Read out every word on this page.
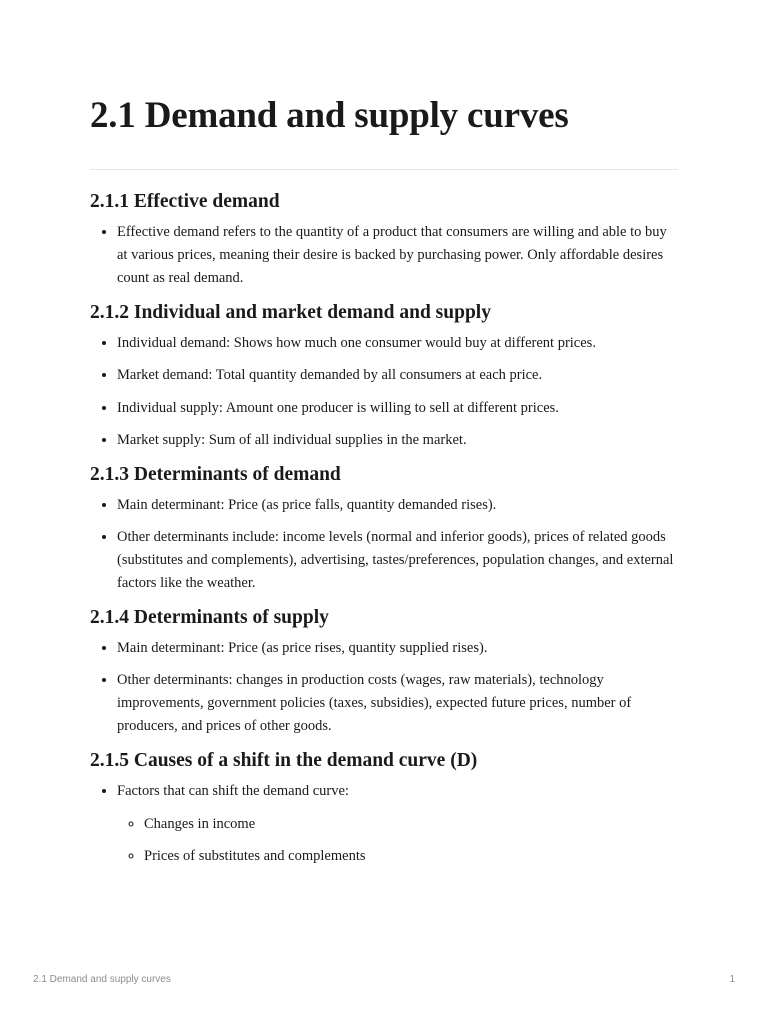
2.1 Demand and supply curves
2.1.1 Effective demand
• Effective demand refers to the quantity of a product that consumers are willing and able to buy at various prices, meaning their desire is backed by purchasing power. Only affordable desires count as real demand.
2.1.2 Individual and market demand and supply
• Individual demand: Shows how much one consumer would buy at different prices.
• Market demand: Total quantity demanded by all consumers at each price.
• Individual supply: Amount one producer is willing to sell at different prices.
• Market supply: Sum of all individual supplies in the market.
2.1.3 Determinants of demand
• Main determinant: Price (as price falls, quantity demanded rises).
• Other determinants include: income levels (normal and inferior goods), prices of related goods (substitutes and complements), advertising, tastes/preferences, population changes, and external factors like the weather.
2.1.4 Determinants of supply
• Main determinant: Price (as price rises, quantity supplied rises).
• Other determinants: changes in production costs (wages, raw materials), technology improvements, government policies (taxes, subsidies), expected future prices, number of producers, and prices of other goods.
2.1.5 Causes of a shift in the demand curve (D)
• Factors that can shift the demand curve:
◦ Changes in income
◦ Prices of substitutes and complements
2.1 Demand and supply curves	1
